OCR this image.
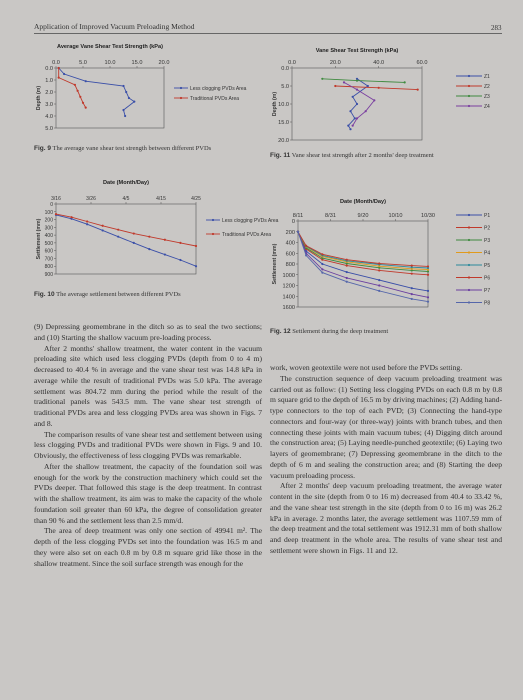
Application of Improved Vacuum Preloading Method	283
Average Vane Shear Test Strength (kPa)
0.0	5.0	10.0	15.0	20.0
0.0
1.0
2.0
3.0
4.0
5.0
Depth (m)	Less clogging PVDs Area
Traditional PVDs Area
Fig. 9 The average vane shear test strength between different PVDs
Date (Month/Day)
3/16	3/26	4/5	4/15	4/25
0
100
200
300
400
500
600
700
800
900
Settlement (mm)	Less clogging PVDs Area
Traditional PVDs Area
Fig. 10 The average settlement between different PVDs
Vane Shear Test Strength (kPa)
0.0	20.0	40.0	60.0
0.0
5.0
10.0
15.0
20.0
Depth (m)
Z1
Z2
Z3
Z4
Fig. 11 Vane shear test strength after 2 months' deep treatment
Date (Month/Day)
8/11	8/31	9/20	10/10	10/30
0
200
400
600
800
1000
1200
1400
1600
Settlement (mm)
P1
P2
P3
P4
P5
P6
P7
P8
Fig. 12 Settlement during the deep treatment

(9) Depressing geomembrane in the ditch so as to seal the two sections; and (10) Starting the shallow vacuum pre-loading process.

After 2 months' shallow treatment, the water content in the vacuum preloading site which used less clogging PVDs (depth from 0 to 4 m) decreased to 40.4 % in average and the vane shear test was 14.8 kPa in average while the result of traditional PVDs was 5.0 kPa. The average settlement was 804.72 mm during the period while the result of the traditional panels was 543.5 mm. The vane shear test strength of traditional PVDs area and less clogging PVDs area was shown in Figs. 7 and 8.

The comparison results of vane shear test and settlement between using less clogging PVDs and traditional PVDs were shown in Figs. 9 and 10. Obviously, the effectiveness of less clogging PVDs was remarkable.

After the shallow treatment, the capacity of the foundation soil was enough for the work by the construction machinery which could set the PVDs deeper. That followed this stage is the deep treatment. In contrast with the shallow treatment, its aim was to make the capacity of the whole foundation soil greater than 60 kPa, the degree of consolidation greater than 90 % and the settlement less than 2.5 mm/d.

The area of deep treatment was only one section of 49941 m². The depth of the less clogging PVDs set into the foundation was 16.5 m and they were also set on each 0.8 m by 0.8 m square grid like those in the shallow treatment. Since the soil surface strength was enough for the

work, woven geotextile were not used before the PVDs setting.

The construction sequence of deep vacuum preloading treatment was carried out as follow: (1) Setting less clogging PVDs on each 0.8 m by 0.8 m square grid to the depth of 16.5 m by driving machines; (2) Adding hand-type connectors to the top of each PVD; (3) Connecting the hand-type connectors and four-way (or three-way) joints with branch tubes, and then connecting these joints with main vacuum tubes; (4) Digging ditch around the construction area; (5) Laying needle-punched geotextile; (6) Laying two layers of geomembrane; (7) Depressing geomembrane in the ditch to the depth of 6 m and sealing the construction area; and (8) Starting the deep vacuum preloading process.

After 2 months' deep vacuum preloading treatment, the average water content in the site (depth from 0 to 16 m) decreased from 40.4 to 33.42 %, and the vane shear test strength in the site (depth from 0 to 16 m) was 26.2 kPa in average. 2 months later, the average settlement was 1107.59 mm of the deep treatment and the total settlement was 1912.31 mm of both shallow and deep treatment in the whole area. The results of vane shear test and settlement were shown in Figs. 11 and 12.
